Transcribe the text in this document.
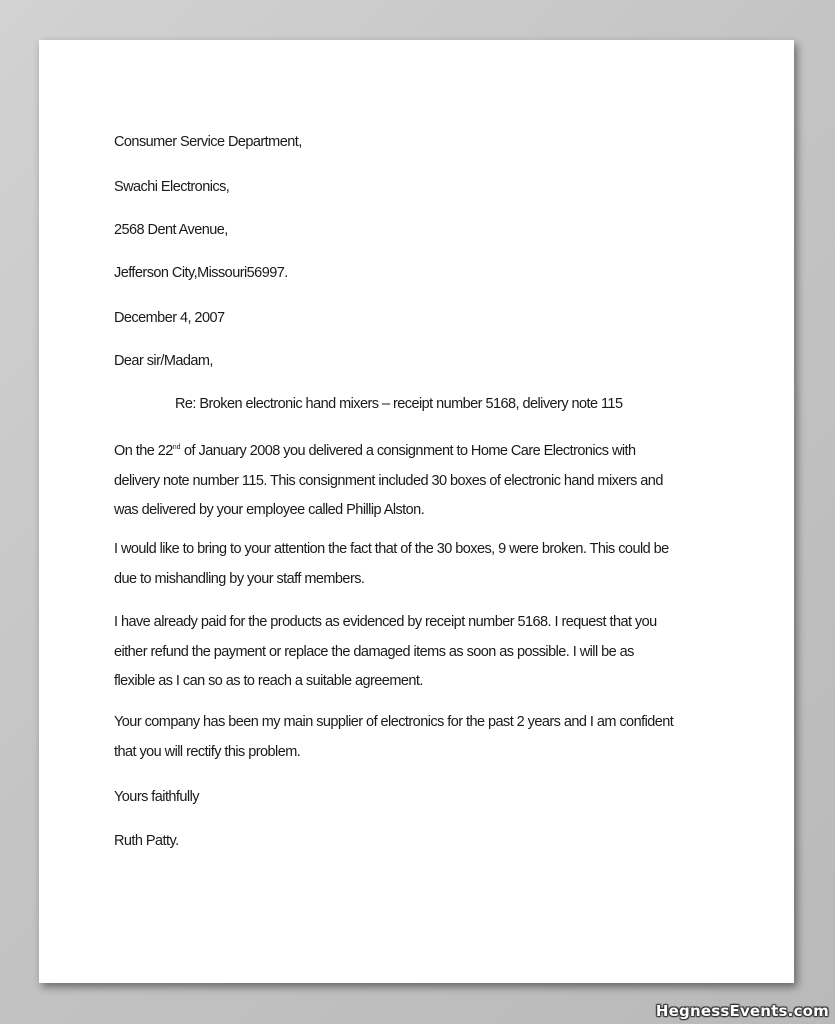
Consumer Service Department,
Swachi Electronics,
2568 Dent Avenue,
Jefferson City,Missouri56997.
December 4, 2007
Dear sir/Madam,
Re: Broken electronic hand mixers – receipt number 5168, delivery note 115
On the 22nd of January 2008 you delivered a consignment to Home Care Electronics with
delivery note number 115. This consignment included 30 boxes of electronic hand mixers and
was delivered by your employee called Phillip Alston.
I would like to bring to your attention the fact that of the 30 boxes, 9 were broken. This could be
due to mishandling by your staff members.
I have already paid for the products as evidenced by receipt number 5168. I request that you
either refund the payment or replace the damaged items as soon as possible. I will be as
flexible as I can so as to reach a suitable agreement.
Your company has been my main supplier of electronics for the past 2 years and I am confident
that you will rectify this problem.
Yours faithfully
Ruth Patty.
HegnessEvents.com
